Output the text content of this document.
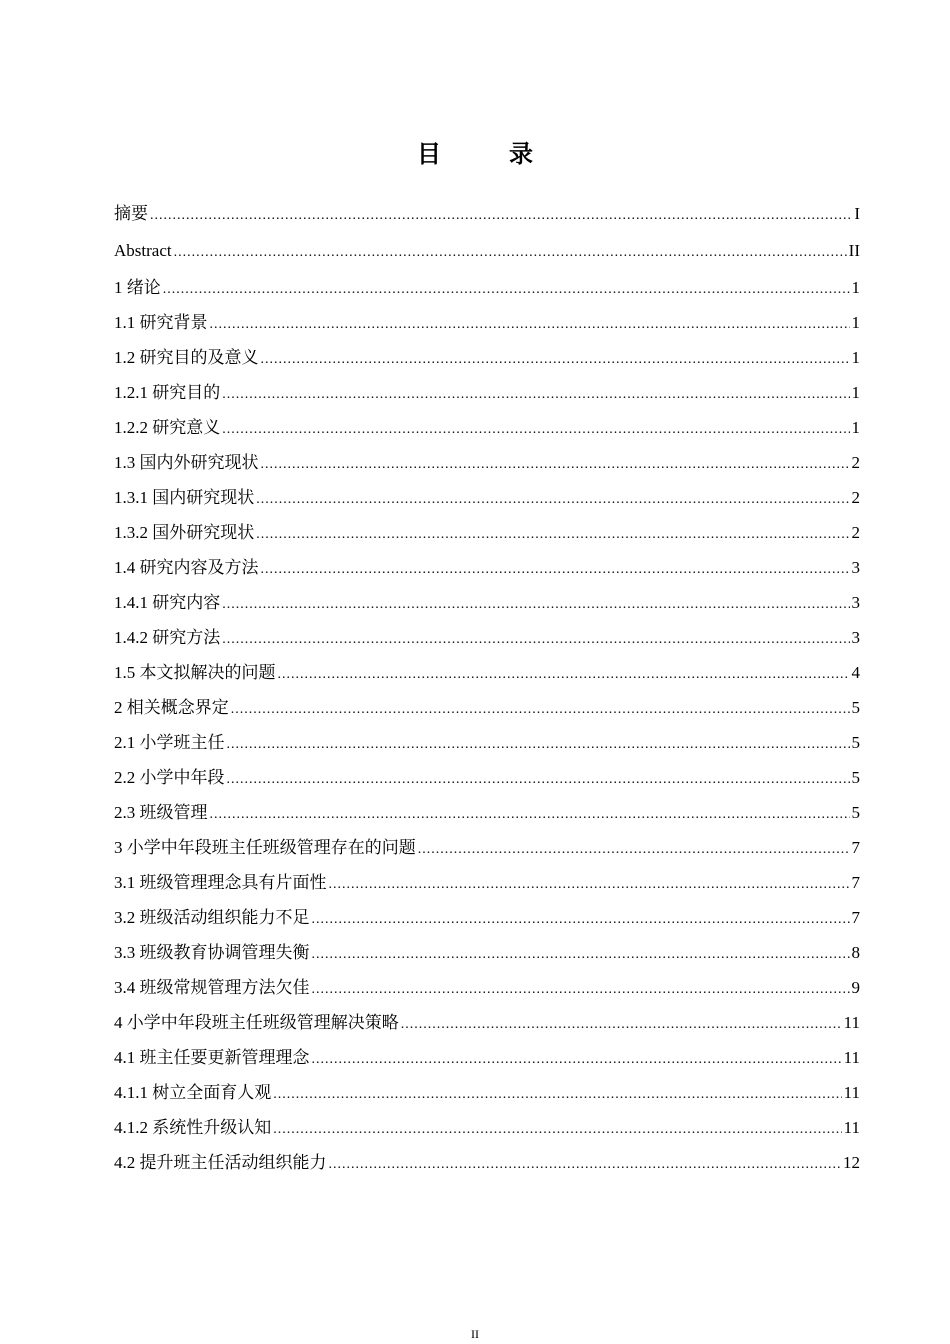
目　录
摘要 .....	I
Abstract .....	II
1 绪论 .....	1
1.1 研究背景 .....	1
1.2 研究目的及意义 .....	1
1.2.1 研究目的 .....	1
1.2.2 研究意义 .....	1
1.3 国内外研究现状 .....	2
1.3.1 国内研究现状 .....	2
1.3.2 国外研究现状 .....	2
1.4 研究内容及方法 .....	3
1.4.1 研究内容 .....	3
1.4.2 研究方法 .....	3
1.5 本文拟解决的问题 .....	4
2 相关概念界定 .....	5
2.1 小学班主任 .....	5
2.2 小学中年段 .....	5
2.3 班级管理 .....	5
3 小学中年段班主任班级管理存在的问题 .....	7
3.1 班级管理理念具有片面性 .....	7
3.2 班级活动组织能力不足 .....	7
3.3 班级教育协调管理失衡 .....	8
3.4 班级常规管理方法欠佳 .....	9
4 小学中年段班主任班级管理解决策略 .....	11
4.1 班主任要更新管理理念 .....	11
4.1.1 树立全面育人观 .....	11
4.1.2 系统性升级认知 .....	11
4.2 提升班主任活动组织能力 .....	12
II
